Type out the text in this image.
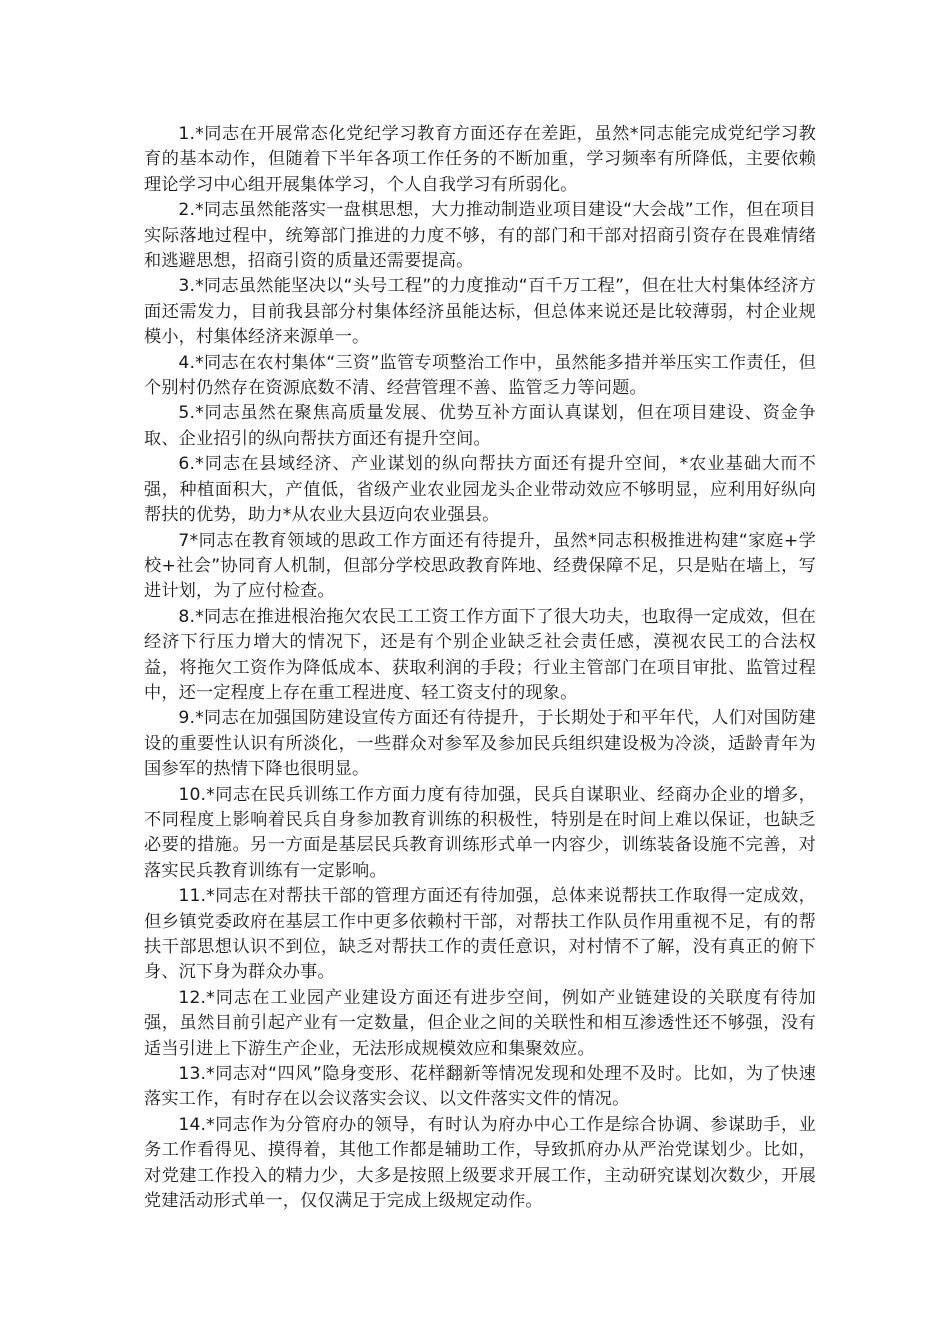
1.*同志在开展常态化党纪学习教育方面还存在差距，虽然*同志能完成党纪学习教育的基本动作，但随着下半年各项工作任务的不断加重，学习频率有所降低，主要依赖理论学习中心组开展集体学习，个人自我学习有所弱化。

2.*同志虽然能落实一盘棋思想，大力推动制造业项目建设“大会战”工作，但在项目实际落地过程中，统筹部门推进的力度不够，有的部门和干部对招商引资存在畏难情绪和逃避思想，招商引资的质量还需要提高。

3.*同志虽然能坚决以“头号工程”的力度推动“百千万工程”，但在壮大村集体经济方面还需发力，目前我县部分村集体经济虽能达标，但总体来说还是比较薄弱，村企业规模小，村集体经济来源单一。

4.*同志在农村集体“三资”监管专项整治工作中，虽然能多措并举压实工作责任，但个别村仍然存在资源底数不清、经营管理不善、监管乏力等问题。

5.*同志虽然在聚焦高质量发展、优势互补方面认真谋划，但在项目建设、资金争取、企业招引的纵向帮扶方面还有提升空间。

6.*同志在县域经济、产业谋划的纵向帮扶方面还有提升空间，*农业基础大而不强，种植面积大，产值低，省级产业农业园龙头企业带动效应不够明显，应利用好纵向帮扶的优势，助力*从农业大县迈向农业强县。

7*同志在教育领域的思政工作方面还有待提升，虽然*同志积极推进构建“家庭+学校+社会”协同育人机制，但部分学校思政教育阵地、经费保障不足，只是贴在墙上，写进计划，为了应付检查。

8.*同志在推进根治拖欠农民工工资工作方面下了很大功夫，也取得一定成效，但在经济下行压力增大的情况下，还是有个别企业缺乏社会责任感，漠视农民工的合法权益，将拖欠工资作为降低成本、获取利润的手段；行业主管部门在项目审批、监管过程中，还一定程度上存在重工程进度、轻工资支付的现象。

9.*同志在加强国防建设宣传方面还有待提升，于长期处于和平年代，人们对国防建设的重要性认识有所淡化，一些群众对参军及参加民兵组织建设极为冷淡，适龄青年为国参军的热情下降也很明显。

10.*同志在民兵训练工作方面力度有待加强，民兵自谋职业、经商办企业的增多，不同程度上影响着民兵自身参加教育训练的积极性，特别是在时间上难以保证，也缺乏必要的措施。另一方面是基层民兵教育训练形式单一内容少，训练装备设施不完善，对落实民兵教育训练有一定影响。

11.*同志在对帮扶干部的管理方面还有待加强，总体来说帮扶工作取得一定成效，但乡镇党委政府在基层工作中更多依赖村干部，对帮扶工作队员作用重视不足，有的帮扶干部思想认识不到位，缺乏对帮扶工作的责任意识，对村情不了解，没有真正的俯下身、沉下身为群众办事。

12.*同志在工业园产业建设方面还有进步空间，例如产业链建设的关联度有待加强，虽然目前引起产业有一定数量，但企业之间的关联性和相互渗透性还不够强，没有适当引进上下游生产企业，无法形成规模效应和集聚效应。

13.*同志对“四风”隐身变形、花样翻新等情况发现和处理不及时。比如，为了快速落实工作，有时存在以会议落实会议、以文件落实文件的情况。

14.*同志作为分管府办的领导，有时认为府办中心工作是综合协调、参谋助手，业务工作看得见、摸得着，其他工作都是辅助工作，导致抓府办从严治党谋划少。比如，对党建工作投入的精力少，大多是按照上级要求开展工作，主动研究谋划次数少，开展党建活动形式单一，仅仅满足于完成上级规定动作。
